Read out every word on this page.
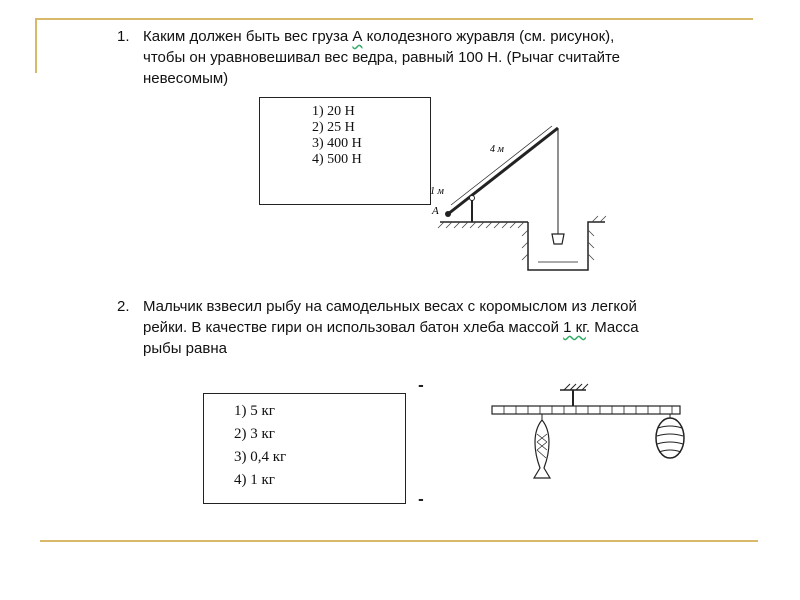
1. Каким должен быть вес груза А колодезного журавля (см. рисунок),
чтобы он уравновешивал вес ведра, равный 100 Н. (Рычаг считайте
невесомым)
1) 20 Н
2) 25 Н
3) 400 Н
4) 500 Н
4 м
1 м
А
2. Мальчик взвесил рыбу на самодельных весах с коромыслом из легкой
рейки. В качестве гири он использовал батон хлеба массой 1 кг. Масса
рыбы равна
-
-
1) 5 кг
2) 3 кг
3) 0,4 кг
4) 1 кг
